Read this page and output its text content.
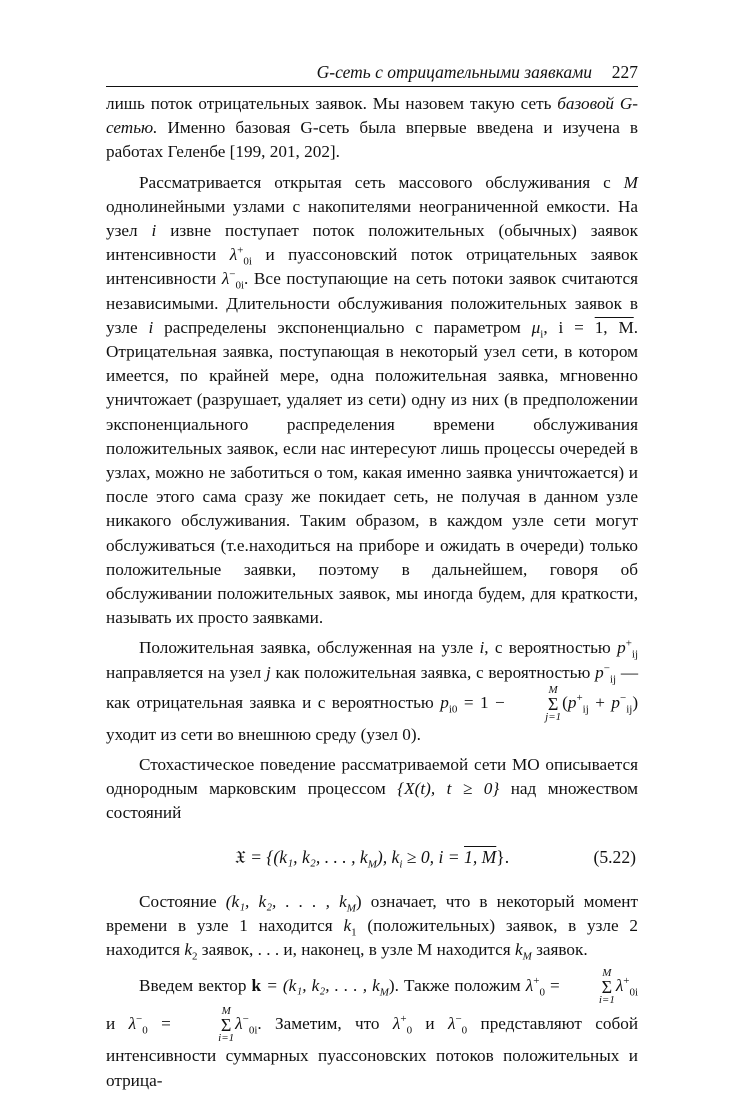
G-сеть с отрицательными заявками 227

лишь поток отрицательных заявок. Мы назовем такую сеть базовой G-сетью. Именно базовая G-сеть была впервые введена и изучена в работах Геленбе [199, 201, 202].

Рассматривается открытая сеть массового обслуживания с M однолинейными узлами с накопителями неограниченной емкости. На узел i извне поступает поток положительных (обычных) заявок интенсивности $\lambda^+_{0i}$ и пуассоновский поток отрицательных заявок интенсивности $\lambda^-_{0i}$. Все поступающие на сеть потоки заявок считаются независимыми. Длительности обслуживания положительных заявок в узле i распределены экспоненциально с параметром $\mu_i$, i = 1, M. Отрицательная заявка, поступающая в некоторый узел сети, в котором имеется, по крайней мере, одна положительная заявка, мгновенно уничтожает (разрушает, удаляет из сети) одну из них (в предположении экспоненциального распределения времени обслуживания положительных заявок, если нас интересуют лишь процессы очередей в узлах, можно не заботиться о том, какая именно заявка уничтожается) и после этого сама сразу же покидает сеть, не получая в данном узле никакого обслуживания. Таким образом, в каждом узле сети могут обслуживаться (т.е.находиться на приборе и ожидать в очереди) только положительные заявки, поэтому в дальнейшем, говоря об обслуживании положительных заявок, мы иногда будем, для краткости, называть их просто заявками.

Положительная заявка, обслуженная на узле i, с вероятностью $p^+_{ij}$ направляется на узел j как положительная заявка, с вероятностью $p^-_{ij}$ — как отрицательная заявка и с вероятностью $p_{i0} = 1$ −
M
Σ
j=1
$(p^+_{ij} + p^-_{ij})$ уходит из сети во внешнюю среду (узел 0).

Стохастическое поведение рассматриваемой сети МО описывается однородным марковским процессом {X(t), t ≥ 0} над множеством состояний

𝔛 = {(k₁, k₂, . . . , $k_M$), $k_i \ge 0$, i = 1, M}.	(5.22)

Состояние (k₁, k₂, . . . , $k_M$) означает, что в некоторый момент времени в узле 1 находится $k_1$ (положительных) заявок, в узле 2 находится $k_2$ заявок, . . . и, наконец, в узле M находится $k_M$ заявок.

Введем вектор k = (k₁, k₂, . . . , $k_M$). Также положим $\lambda^+_0$ =
M
Σ
i=1
$\lambda^+_{0i}$ и $\lambda^-_0$ =
M
Σ
i=1
$\lambda^-_{0i}$. Заметим, что $\lambda^+_0$ и $\lambda^-_0$ представляют собой интенсивности суммарных пуассоновских потоков положительных и отрица-
